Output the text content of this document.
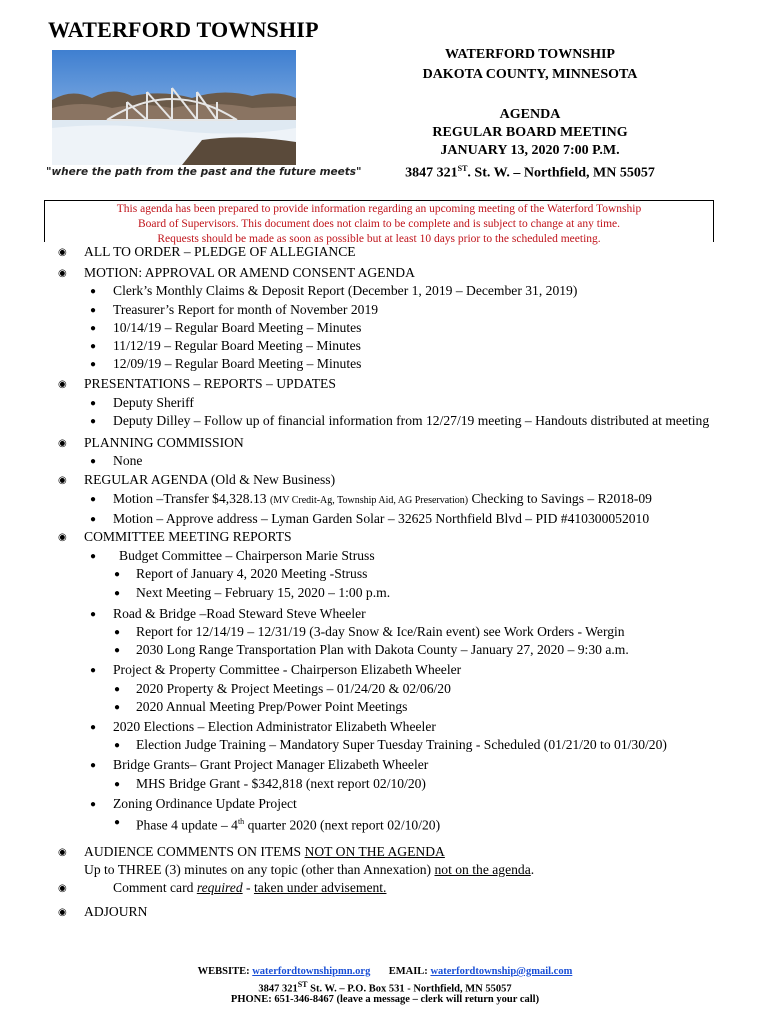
WATERFORD TOWNSHIP
"where the path from the past and the future meets"
WATERFORD TOWNSHIP
DAKOTA COUNTY, MINNESOTA
AGENDA
REGULAR BOARD MEETING
JANUARY 13, 2020 7:00 P.M.
3847 321ST. St. W. – Northfield, MN 55057
This agenda has been prepared to provide information regarding an upcoming meeting of the Waterford Township
Board of Supervisors. This document does not claim to be complete and is subject to change at any time.
Requests should be made as soon as possible but at least 10 days prior to the scheduled meeting.
◉ ALL TO ORDER – PLEDGE OF ALLEGIANCE
◉ MOTION: APPROVAL OR AMEND CONSENT AGENDA
● Clerk’s Monthly Claims & Deposit Report (December 1, 2019 – December 31, 2019)
● Treasurer’s Report for month of November 2019
● 10/14/19 – Regular Board Meeting – Minutes
● 11/12/19 – Regular Board Meeting – Minutes
● 12/09/19 – Regular Board Meeting – Minutes
◉ PRESENTATIONS – REPORTS – UPDATES
● Deputy Sheriff
● Deputy Dilley – Follow up of financial information from 12/27/19 meeting – Handouts distributed at meeting
◉ PLANNING COMMISSION
● None
◉ REGULAR AGENDA (Old & New Business)
● Motion –Transfer $4,328.13 (MV Credit-Ag, Township Aid, AG Preservation) Checking to Savings – R2018-09
● Motion – Approve address – Lyman Garden Solar – 32625 Northfield Blvd – PID #410300052010
◉ COMMITTEE MEETING REPORTS
● Budget Committee – Chairperson Marie Struss
● Report of January 4, 2020 Meeting -Struss
● Next Meeting – February 15, 2020 – 1:00 p.m.
● Road & Bridge –Road Steward Steve Wheeler
● Report for 12/14/19 – 12/31/19 (3-day Snow & Ice/Rain event) see Work Orders - Wergin
● 2030 Long Range Transportation Plan with Dakota County – January 27, 2020 – 9:30 a.m.
● Project & Property Committee - Chairperson Elizabeth Wheeler
● 2020 Property & Project Meetings – 01/24/20 & 02/06/20
● 2020 Annual Meeting Prep/Power Point Meetings
● 2020 Elections – Election Administrator Elizabeth Wheeler
● Election Judge Training – Mandatory Super Tuesday Training - Scheduled (01/21/20 to 01/30/20)
● Bridge Grants– Grant Project Manager Elizabeth Wheeler
● MHS Bridge Grant - $342,818 (next report 02/10/20)
● Zoning Ordinance Update Project
● Phase 4 update – 4th quarter 2020 (next report 02/10/20)
◉ AUDIENCE COMMENTS ON ITEMS NOT ON THE AGENDA
Up to THREE (3) minutes on any topic (other than Annexation) not on the agenda.
◉	Comment card required - taken under advisement.
◉ ADJOURN
WEBSITE: waterfordtownshipmn.org EMAIL: waterfordtownship@gmail.com
3847 321ST St. W. – P.O. Box 531 - Northfield, MN 55057
PHONE: 651-346-8467 (leave a message – clerk will return your call)
